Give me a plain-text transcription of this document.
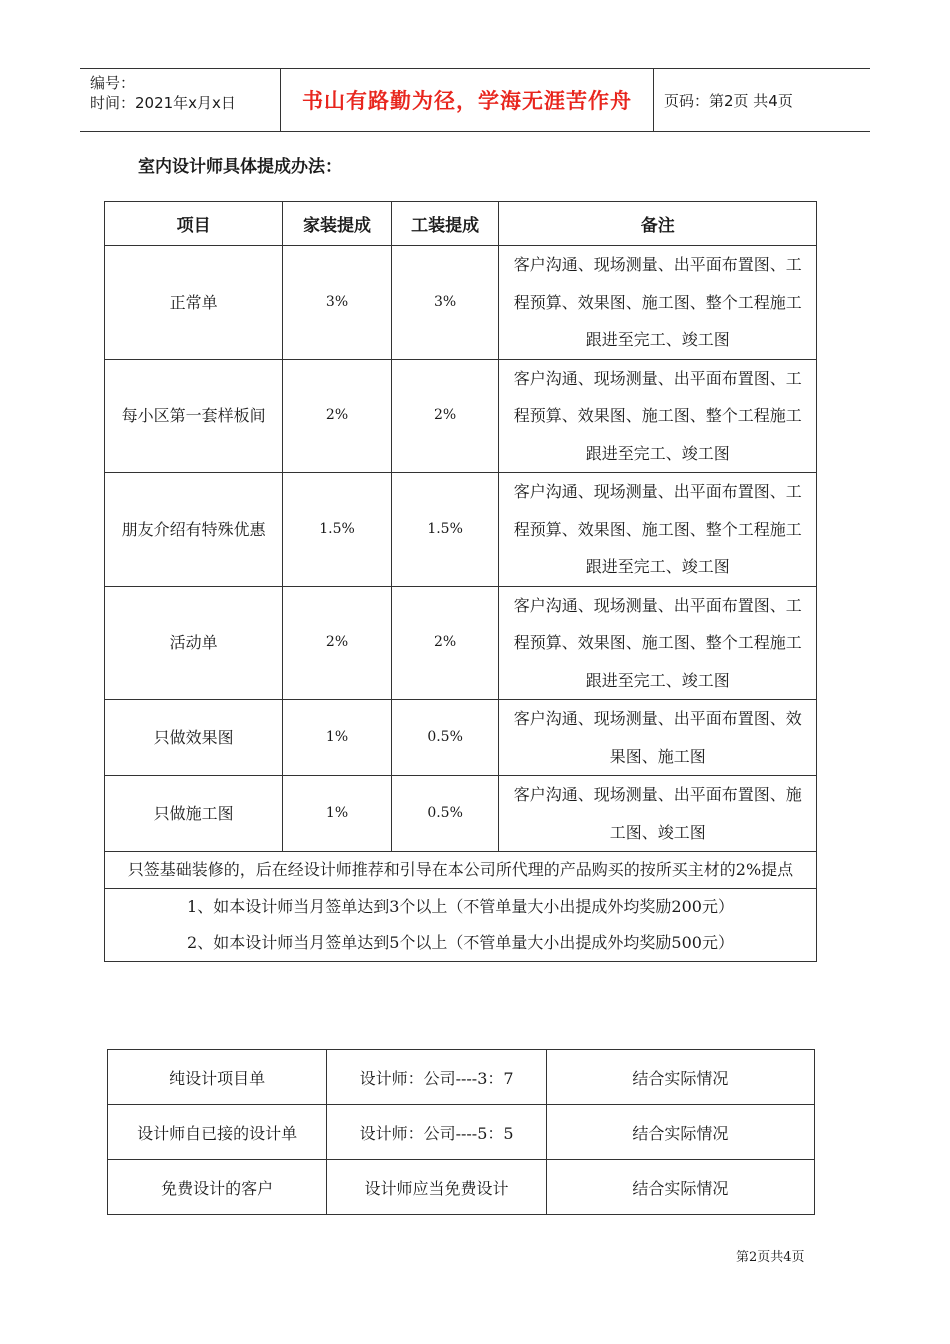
编号：
时间：2021年x月x日	书山有路勤为径，学海无涯苦作舟	页码：第2页 共4页
室内设计师具体提成办法：
项目	家装提成	工装提成	备注
正常单	3%	3%	客户沟通、现场测量、出平面布置图、工程预算、效果图、施工图、整个工程施工跟进至完工、竣工图
每小区第一套样板间	2%	2%	客户沟通、现场测量、出平面布置图、工程预算、效果图、施工图、整个工程施工跟进至完工、竣工图
朋友介绍有特殊优惠	1.5%	1.5%	客户沟通、现场测量、出平面布置图、工程预算、效果图、施工图、整个工程施工跟进至完工、竣工图
活动单	2%	2%	客户沟通、现场测量、出平面布置图、工程预算、效果图、施工图、整个工程施工跟进至完工、竣工图
只做效果图	1%	0.5%	客户沟通、现场测量、出平面布置图、效果图、施工图
只做施工图	1%	0.5%	客户沟通、现场测量、出平面布置图、施工图、竣工图
只签基础装修的，后在经设计师推荐和引导在本公司所代理的产品购买的按所买主材的2%提点			

1、如本设计师当月签单达到3个以上（不管单量大小出提成外均奖励200元）
2、如本设计师当月签单达到5个以上（不管单量大小出提成外均奖励500元）			
纯设计项目单	设计师：公司----3：7	结合实际情况
设计师自已接的设计单	设计师：公司----5：5	结合实际情况
免费设计的客户	设计师应当免费设计	结合实际情况
第2页共4页
